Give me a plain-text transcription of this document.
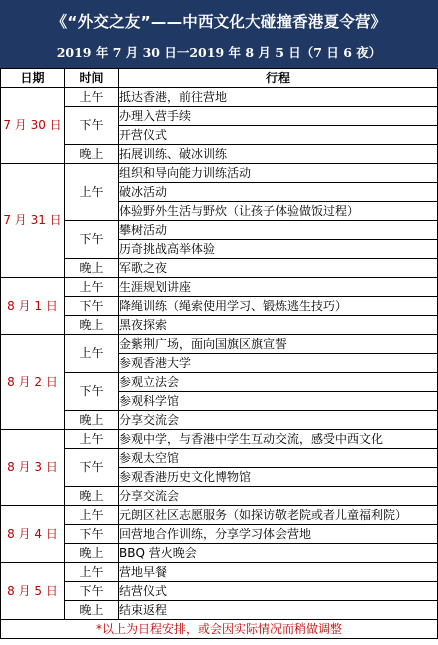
《“外交之友”——中西文化大碰撞香港夏令营》
2019 年 7 月 30 日一2019 年 8 月 5 日（7 日 6 夜）
日期	时间	行程
7 月 30 日	上午	抵达香港，前往营地
	下午	办理入营手续
		开营仪式
	晚上	拓展训练、破冰训练
7 月 31 日	上午	组织和导向能力训练活动
		破冰活动
		体验野外生活与野炊（让孩子体验做饭过程）
	下午	攀树活动
		历奇挑战高举体验
	晚上	军歌之夜
8 月 1 日	上午	生涯规划讲座
	下午	降绳训练（绳索使用学习、锻炼逃生技巧）
	晚上	黑夜探索
8 月 2 日	上午	金紫荆广场，面向国旗区旗宣誓
		参观香港大学
	下午	参观立法会
		参观科学馆
	晚上	分享交流会
8 月 3 日	上午	参观中学，与香港中学生互动交流，感受中西文化
	下午	参观太空馆
		参观香港历史文化博物馆
	晚上	分享交流会
8 月 4 日	上午	元朗区社区志愿服务（如探访敬老院或者儿童福利院）
	下午	回营地合作训练，分享学习体会营地
	晚上	BBQ 营火晚会
8 月 5 日	上午	营地早餐
	下午	结营仪式
	晚上	结束返程
*以上为日程安排，或会因实际情况而稍做调整		
